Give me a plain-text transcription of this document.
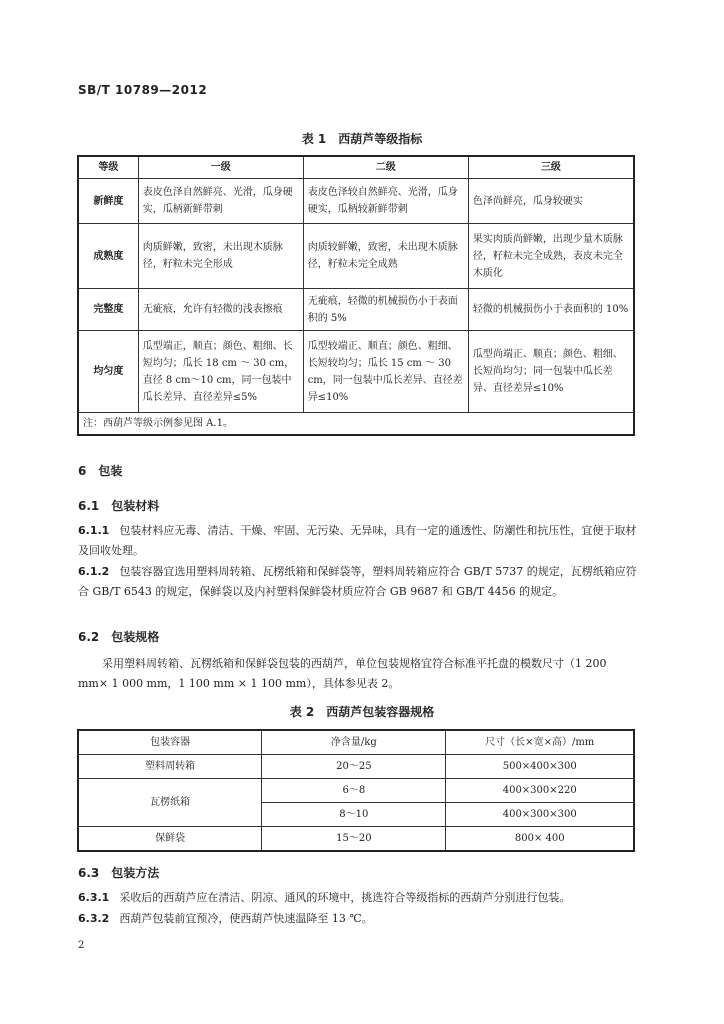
SB/T 10789—2012
表 1　西葫芦等级指标
等级	一级	二级	三级
新鲜度	表皮色泽自然鲜亮、光滑，瓜身硬实，瓜柄新鲜带刺	表皮色泽较自然鲜亮、光滑，瓜身硬实，瓜柄较新鲜带刺	色泽尚鲜亮，瓜身较硬实
成熟度	肉质鲜嫩，致密，未出现木质脉径，籽粒未完全形成	肉质较鲜嫩，致密，未出现木质脉径，籽粒未完全成熟	果实肉质尚鲜嫩，出现少量木质脉径，籽粒未完全成熟，表皮未完全木质化
完整度	无疵痕，允许有轻微的浅表擦痕	无疵痕，轻微的机械损伤小于表面积的 5%	轻微的机械损伤小于表面积的 10%
均匀度	瓜型端正，顺直；颜色、粗细、长短均匀；瓜长 18 cm ～ 30 cm，直径 8 cm～10 cm，同一包装中瓜长差异、直径差异≤5%	瓜型较端正、顺直；颜色、粗细、长短较均匀；瓜长 15 cm ～ 30 cm，同一包装中瓜长差异、直径差异≤10%	瓜型尚端正、顺直；颜色、粗细、长短尚均匀；同一包装中瓜长差异、直径差异≤10%
注：西葫芦等级示例参见图 A.1。			
6　包装
6.1　包装材料
6.1.1 包装材料应无毒、清洁、干燥、牢固、无污染、无异味，具有一定的通透性、防潮性和抗压性，宜便于取材及回收处理。
6.1.2 包装容器宜选用塑料周转箱、瓦楞纸箱和保鲜袋等，塑料周转箱应符合 GB/T 5737 的规定，瓦楞纸箱应符合 GB/T 6543 的规定，保鲜袋以及内衬塑料保鲜袋材质应符合 GB 9687 和 GB/T 4456 的规定。
6.2　包装规格
采用塑料周转箱、瓦楞纸箱和保鲜袋包装的西葫芦，单位包装规格宜符合标准平托盘的模数尺寸（1 200 mm× 1 000 mm，1 100 mm × 1 100 mm），具体参见表 2。
表 2　西葫芦包装容器规格
包装容器	净含量/kg	尺寸（长×宽×高）/mm
塑料周转箱	20～25	500×400×300
瓦楞纸箱	6～8	400×300×220
	8～10	400×300×300
保鲜袋	15～20	800× 400
6.3　包装方法
6.3.1 采收后的西葫芦应在清洁、阴凉、通风的环境中，挑选符合等级指标的西葫芦分别进行包装。
6.3.2 西葫芦包装前宜预冷，使西葫芦快速温降至 13 ℃。
2
